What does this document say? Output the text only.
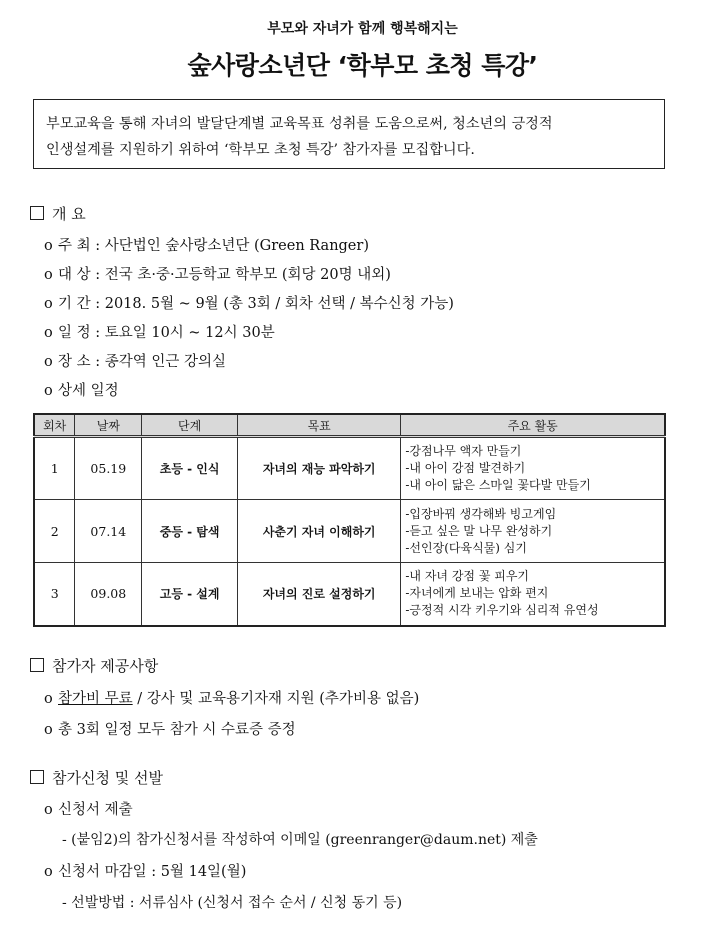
부모와 자녀가 함께 행복해지는
숲사랑소년단 ‘학부모 초청 특강’
부모교육을 통해 자녀의 발달단계별 교육목표 성취를 도움으로써, 청소년의 긍정적
인생설계를 지원하기 위하여 ‘학부모 초청 특강’ 참가자를 모집합니다.
개 요
o 주 최 : 사단법인 숲사랑소년단 (Green Ranger)
o 대 상 : 전국 초·중·고등학교 학부모 (회당 20명 내외)
o 기 간 : 2018. 5월 ~ 9월 (총 3회 / 회차 선택 / 복수신청 가능)
o 일 정 : 토요일 10시 ~ 12시 30분
o 장 소 : 종각역 인근 강의실
o 상세 일정
회차	날짜	단계	목표	주요 활동
1	05.19	초등 - 인식	자녀의 재능 파악하기	-강점나무 액자 만들기
-내 아이 강점 발견하기
-내 아이 닮은 스마일 꽃다발 만들기

2	07.14	중등 - 탐색	사춘기 자녀 이해하기	-입장바꿔 생각해봐 빙고게임
-듣고 싶은 말 나무 완성하기
-선인장(다육식물) 심기

3	09.08	고등 - 설계	자녀의 진로 설정하기	-내 자녀 강점 꽃 피우기
-자녀에게 보내는 압화 편지
-긍정적 시각 키우기와 심리적 유연성
참가자 제공사항
o 참가비 무료 / 강사 및 교육용기자재 지원 (추가비용 없음)
o 총 3회 일정 모두 참가 시 수료증 증정
참가신청 및 선발
o 신청서 제출
- (붙임2)의 참가신청서를 작성하여 이메일 (greenranger@daum.net) 제출
o 신청서 마감일 : 5월 14일(월)
- 선발방법 : 서류심사 (신청서 접수 순서 / 신청 동기 등)
